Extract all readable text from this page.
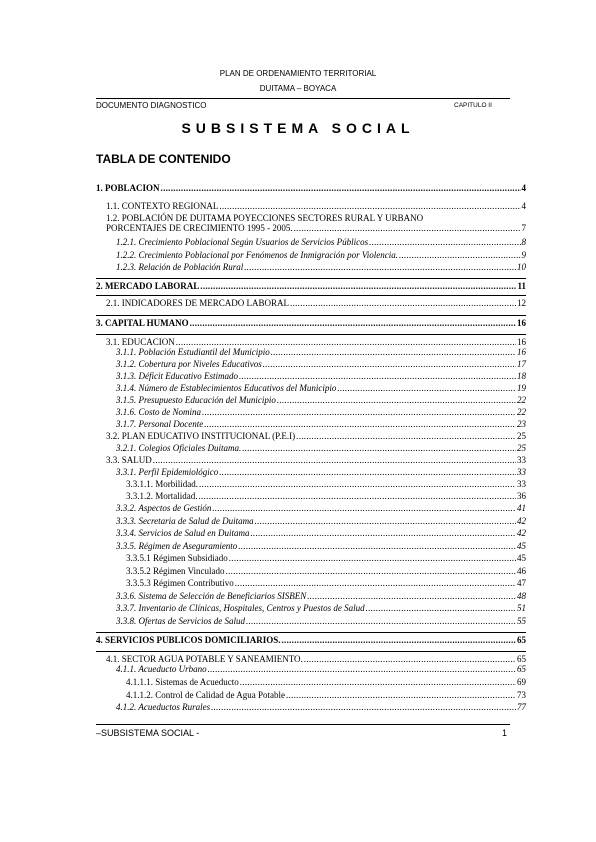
PLAN DE ORDENAMIENTO TERRITORIAL
DUITAMA – BOYACA
DOCUMENTO DIAGNOSTICO	CAPITULO II
SUBSISTEMA SOCIAL
TABLA DE CONTENIDO
1. POBLACION .....	4
1.1. CONTEXTO REGIONAL .....	4
1.2. POBLACIÓN DE DUITAMA POYECCIONES SECTORES RURAL Y URBANO
PORCENTAJES DE CRECIMIENTO 1995 - 2005. .....	7
1.2.1. Crecimiento Poblacional Según Usuarios de Servicios Públicos .....	8
1.2.2. Crecimiento Poblacional por Fenómenos de Inmigración por Violencia. .....	9
1.2.3. Relación de Población Rural .....	10
2. MERCADO LABORAL .....	11
2.1. INDICADORES DE MERCADO LABORAL .....	12
3. CAPITAL HUMANO .....	16
3.1. EDUCACION .....	16
3.1.1. Población Estudiantil del Municipio .....	16
3.1.2. Cobertura por Niveles Educativos .....	17
3.1.3. Déficit Educativo Estimado .....	18
3.1.4. Número de Establecimientos Educativos del Municipio .....	19
3.1.5. Presupuesto Educación del Municipio .....	22
3.1.6. Costo de Nomina .....	22
3.1.7. Personal Docente .....	23
3.2. PLAN EDUCATIVO INSTITUCIONAL (P.E.I) .....	25
3.2.1. Colegios Oficiales Duitama. .....	25
3.3. SALUD .....	33
3.3.1. Perfil Epidemiológico .....	33
3.3.1.1. Morbilidad. .....	33
3.3.1.2. Mortalidad. .....	36
3.3.2. Aspectos de Gestión .....	41
3.3.3. Secretaria de Salud de Duitama .....	42
3.3.4. Servicios de Salud en Duitama .....	42
3.3.5. Régimen de Aseguramiento .....	45
3.3.5.1 Régimen Subsidiado .....	45
3.3.5.2 Régimen Vinculado .....	46
3.3.5.3 Régimen Contributivo .....	47
3.3.6. Sistema de Selección de Beneficiarios SISBEN .....	48
3.3.7. Inventario de Clínicas, Hospitales, Centros y Puestos de Salud .....	51
3.3.8. Ofertas de Servicios de Salud .....	55
4. SERVICIOS PUBLICOS DOMICILIARIOS. .....	65
4.1. SECTOR AGUA POTABLE Y SANEAMIENTO. .....	65
4.1.1. Acueducto Urbano .....	65
4.1.1.1. Sistemas de Acueducto .....	69
4.1.1.2. Control de Calidad de Agua Potable .....	73
4.1.2. Acueductos Rurales .....	77
–SUBSISTEMA SOCIAL -	1
